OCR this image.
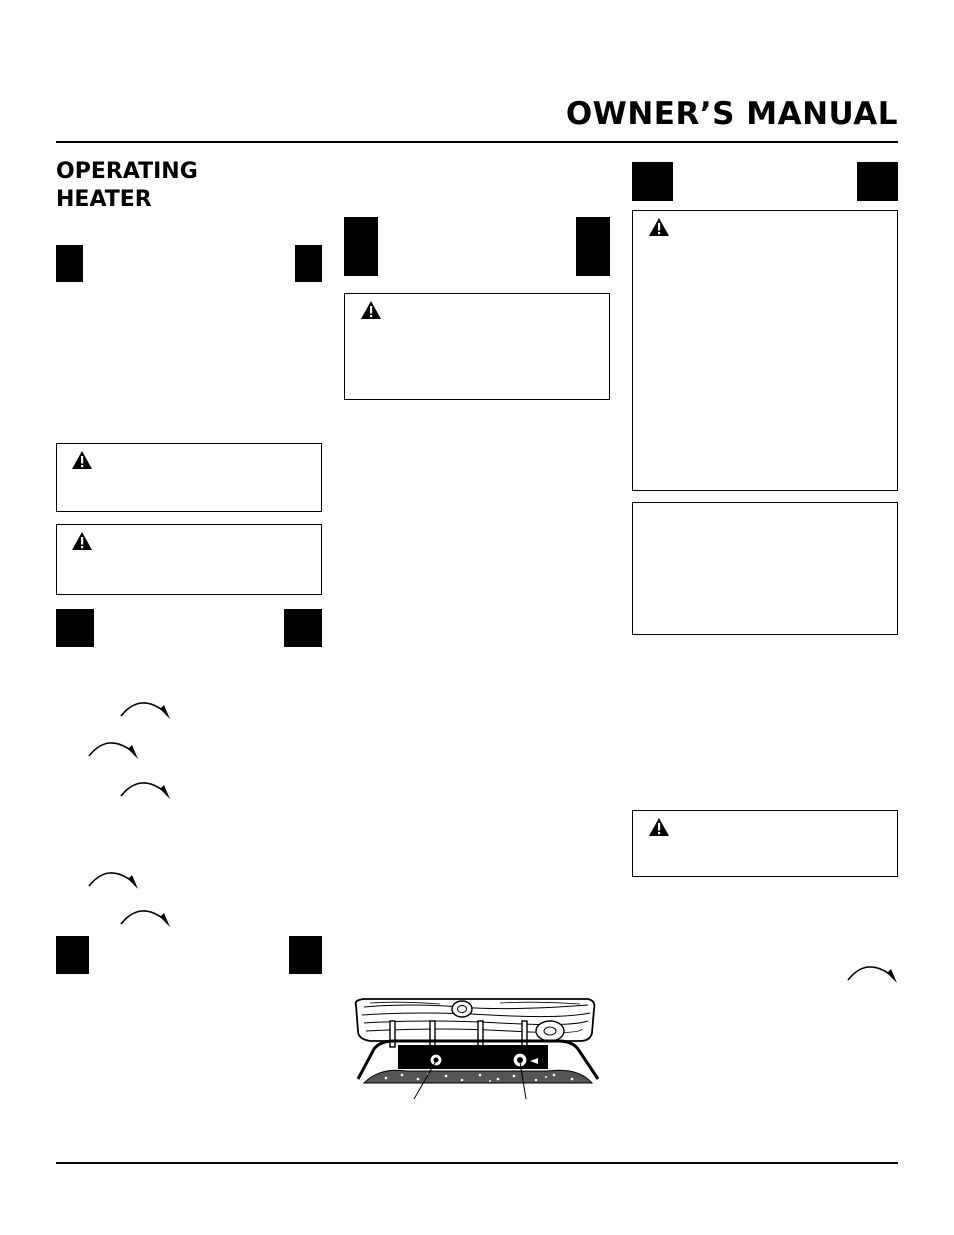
OWNER’S MANUAL
OPERATING
HEATER
